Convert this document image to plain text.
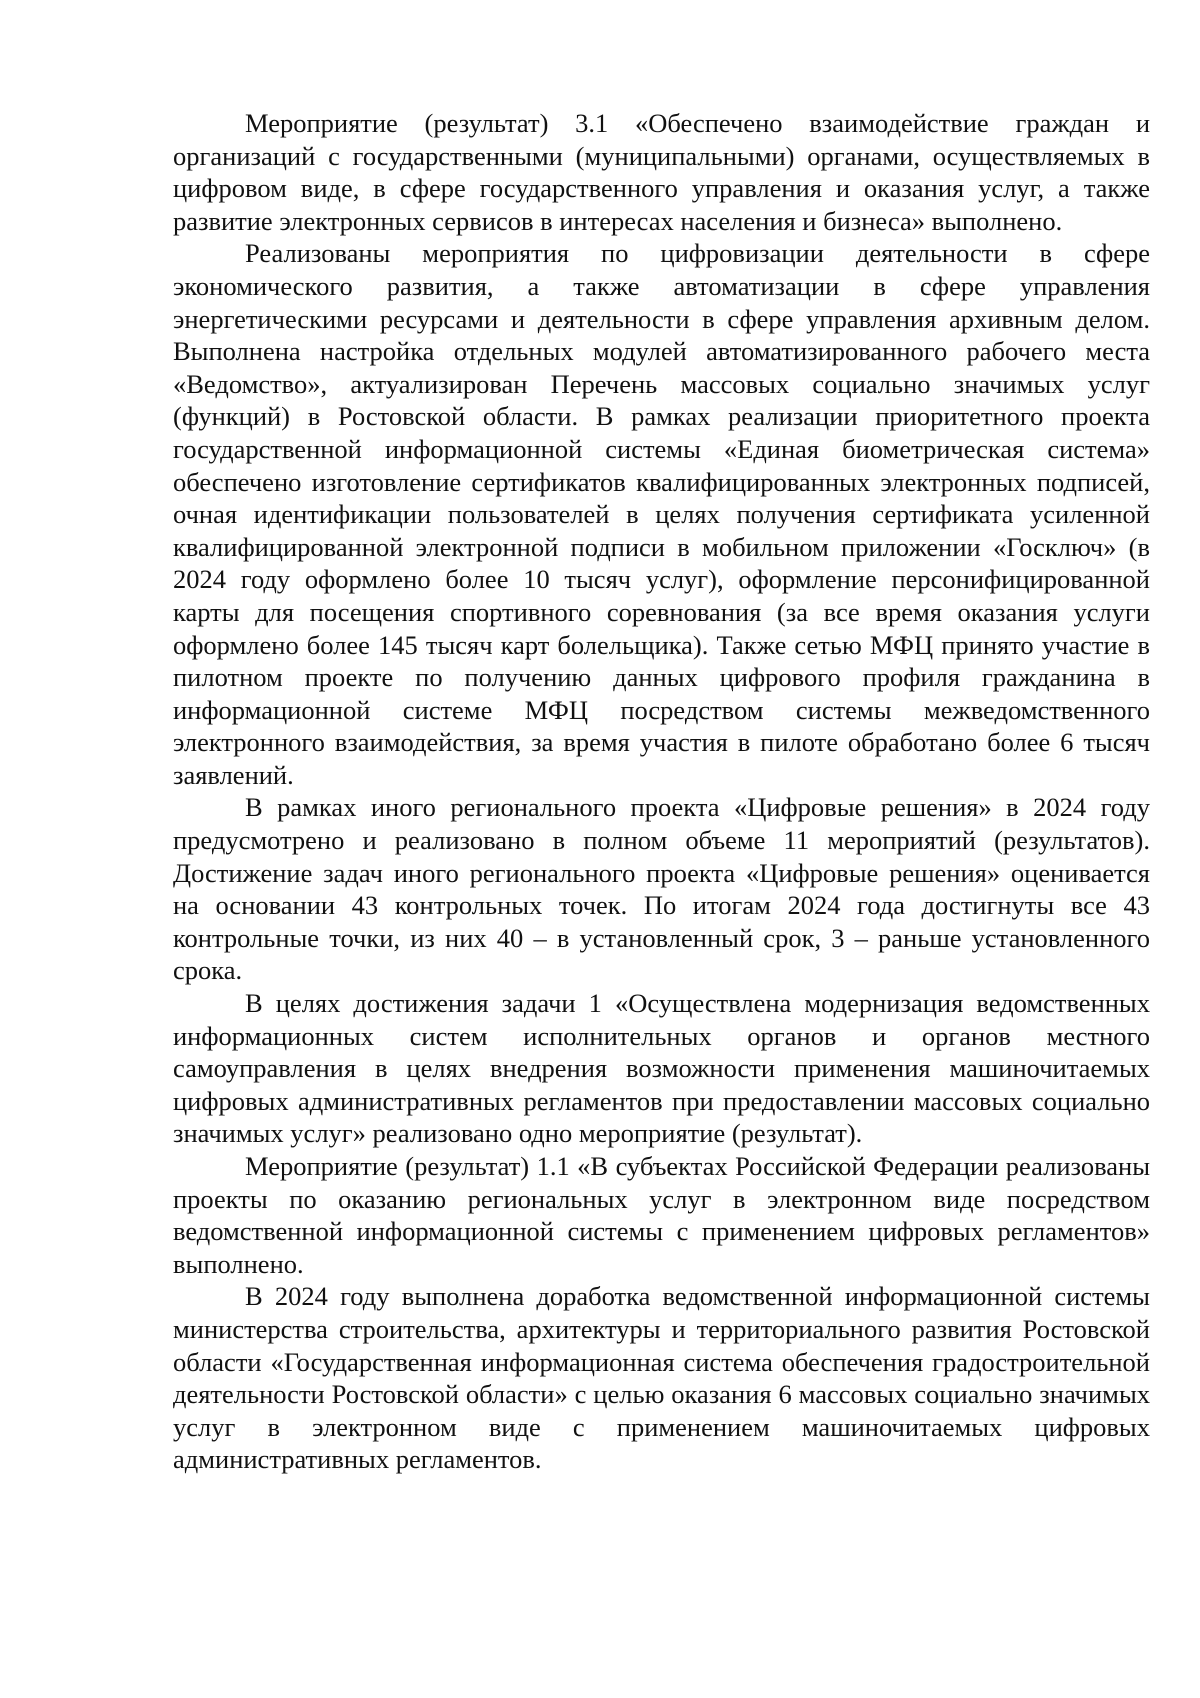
Мероприятие (результат) 3.1 «Обеспечено взаимодействие граждан и организаций с государственными (муниципальными) органами, осуществляемых в цифровом виде, в сфере государственного управления и оказания услуг, а также развитие электронных сервисов в интересах населения и бизнеса» выполнено.

Реализованы мероприятия по цифровизации деятельности в сфере экономического развития, а также автоматизации в сфере управления энергетическими ресурсами и деятельности в сфере управления архивным делом. Выполнена настройка отдельных модулей автоматизированного рабочего места «Ведомство», актуализирован Перечень массовых социально значимых услуг (функций) в Ростовской области. В рамках реализации приоритетного проекта государственной информационной системы «Единая биометрическая система» обеспечено изготовление сертификатов квалифицированных электронных подписей, очная идентификации пользователей в целях получения сертификата усиленной квалифицированной электронной подписи в мобильном приложении «Госключ» (в 2024 году оформлено более 10 тысяч услуг), оформление персонифицированной карты для посещения спортивного соревнования (за все время оказания услуги оформлено более 145 тысяч карт болельщика). Также сетью МФЦ принято участие в пилотном проекте по получению данных цифрового профиля гражданина в информационной системе МФЦ посредством системы межведомственного электронного взаимодействия, за время участия в пилоте обработано более 6 тысяч заявлений.

В рамках иного регионального проекта «Цифровые решения» в 2024 году предусмотрено и реализовано в полном объеме 11 мероприятий (результатов). Достижение задач иного регионального проекта «Цифровые решения» оценивается на основании 43 контрольных точек. По итогам 2024 года достигнуты все 43 контрольные точки, из них 40 – в установленный срок, 3 – раньше установленного срока.

В целях достижения задачи 1 «Осуществлена модернизация ведомственных информационных систем исполнительных органов и органов местного самоуправления в целях внедрения возможности применения машиночитаемых цифровых административных регламентов при предоставлении массовых социально значимых услуг» реализовано одно мероприятие (результат).

Мероприятие (результат) 1.1 «В субъектах Российской Федерации реализованы проекты по оказанию региональных услуг в электронном виде посредством ведомственной информационной системы с применением цифровых регламентов» выполнено.

В 2024 году выполнена доработка ведомственной информационной системы министерства строительства, архитектуры и территориального развития Ростовской области «Государственная информационная система обеспечения градостроительной деятельности Ростовской области» с целью оказания 6 массовых социально значимых услуг в электронном виде с применением машиночитаемых цифровых административных регламентов.
